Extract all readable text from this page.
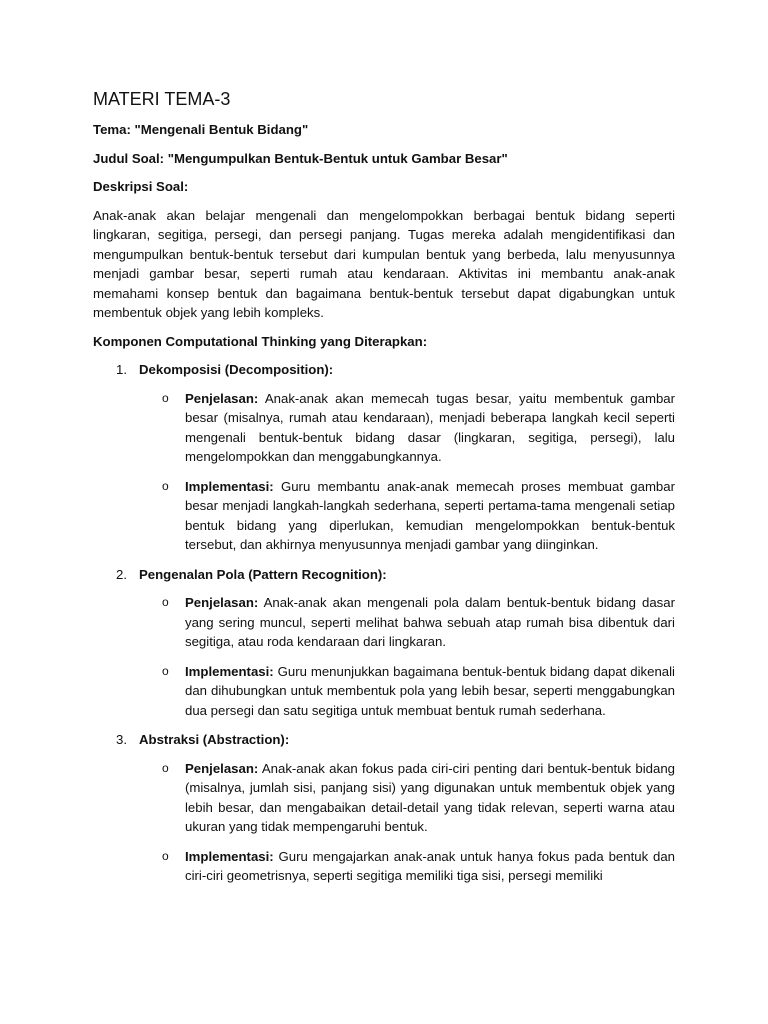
MATERI TEMA-3
Tema: "Mengenali Bentuk Bidang"
Judul Soal: "Mengumpulkan Bentuk-Bentuk untuk Gambar Besar"
Deskripsi Soal:
Anak-anak akan belajar mengenali dan mengelompokkan berbagai bentuk bidang seperti lingkaran, segitiga, persegi, dan persegi panjang. Tugas mereka adalah mengidentifikasi dan mengumpulkan bentuk-bentuk tersebut dari kumpulan bentuk yang berbeda, lalu menyusunnya menjadi gambar besar, seperti rumah atau kendaraan. Aktivitas ini membantu anak-anak memahami konsep bentuk dan bagaimana bentuk-bentuk tersebut dapat digabungkan untuk membentuk objek yang lebih kompleks.
Komponen Computational Thinking yang Diterapkan:
1. Dekomposisi (Decomposition):
o Penjelasan: Anak-anak akan memecah tugas besar, yaitu membentuk gambar besar (misalnya, rumah atau kendaraan), menjadi beberapa langkah kecil seperti mengenali bentuk-bentuk bidang dasar (lingkaran, segitiga, persegi), lalu mengelompokkan dan menggabungkannya.
o Implementasi: Guru membantu anak-anak memecah proses membuat gambar besar menjadi langkah-langkah sederhana, seperti pertama-tama mengenali setiap bentuk bidang yang diperlukan, kemudian mengelompokkan bentuk-bentuk tersebut, dan akhirnya menyusunnya menjadi gambar yang diinginkan.
2. Pengenalan Pola (Pattern Recognition):
o Penjelasan: Anak-anak akan mengenali pola dalam bentuk-bentuk bidang dasar yang sering muncul, seperti melihat bahwa sebuah atap rumah bisa dibentuk dari segitiga, atau roda kendaraan dari lingkaran.
o Implementasi: Guru menunjukkan bagaimana bentuk-bentuk bidang dapat dikenali dan dihubungkan untuk membentuk pola yang lebih besar, seperti menggabungkan dua persegi dan satu segitiga untuk membuat bentuk rumah sederhana.
3. Abstraksi (Abstraction):
o Penjelasan: Anak-anak akan fokus pada ciri-ciri penting dari bentuk-bentuk bidang (misalnya, jumlah sisi, panjang sisi) yang digunakan untuk membentuk objek yang lebih besar, dan mengabaikan detail-detail yang tidak relevan, seperti warna atau ukuran yang tidak mempengaruhi bentuk.
o Implementasi: Guru mengajarkan anak-anak untuk hanya fokus pada bentuk dan ciri-ciri geometrisnya, seperti segitiga memiliki tiga sisi, persegi memiliki
